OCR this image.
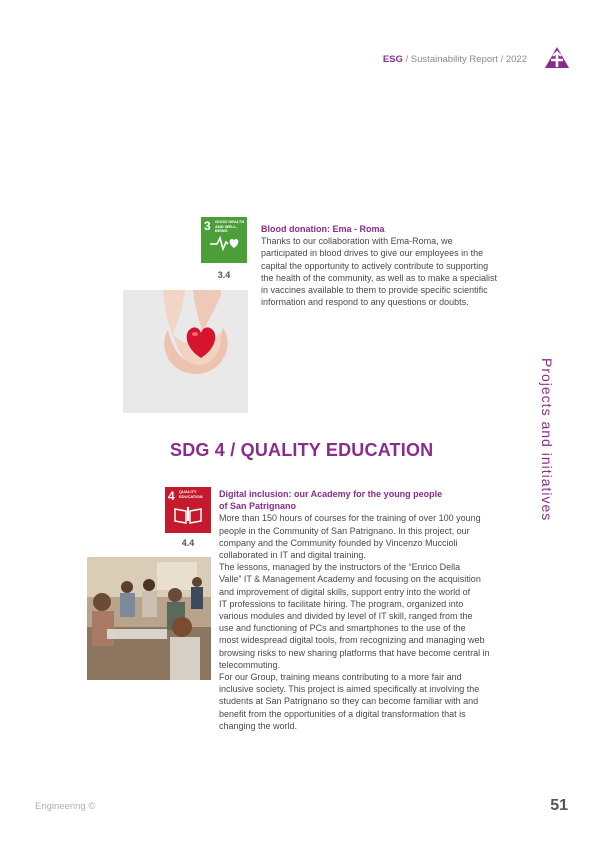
ESG / Sustainability Report / 2022
Projects and initiatives
3 GOOD HEALTH
AND WELL-BEING
3.4
Blood donation: Ema - Roma
Thanks to our collaboration with Ema-Roma, we
participated in blood drives to give our employees in the
capital the opportunity to actively contribute to supporting
the health of the community, as well as to make a specialist
in vaccines available to them to provide specific scientific
information and respond to any questions or doubts.
SDG 4 / QUALITY EDUCATION
4 QUALITY
EDUCATION
4.4
Digital inclusion: our Academy for the young people
of San Patrignano
More than 150 hours of courses for the training of over 100 young
people in the Community of San Patrignano. In this project, our
company and the Community founded by Vincenzo Muccioli
collaborated in IT and digital training.
The lessons, managed by the instructors of the “Enrico Della
Valle” IT & Management Academy and focusing on the acquisition
and improvement of digital skills, support entry into the world of
IT professions to facilitate hiring. The program, organized into
various modules and divided by level of IT skill, ranged from the
use and functioning of PCs and smartphones to the use of the
most widespread digital tools, from recognizing and managing web
browsing risks to new sharing platforms that have become central in
telecommuting.
For our Group, training means contributing to a more fair and
inclusive society. This project is aimed specifically at involving the
students at San Patrignano so they can become familiar with and
benefit from the opportunities of a digital transformation that is
changing the world.
Engineering ©	51
